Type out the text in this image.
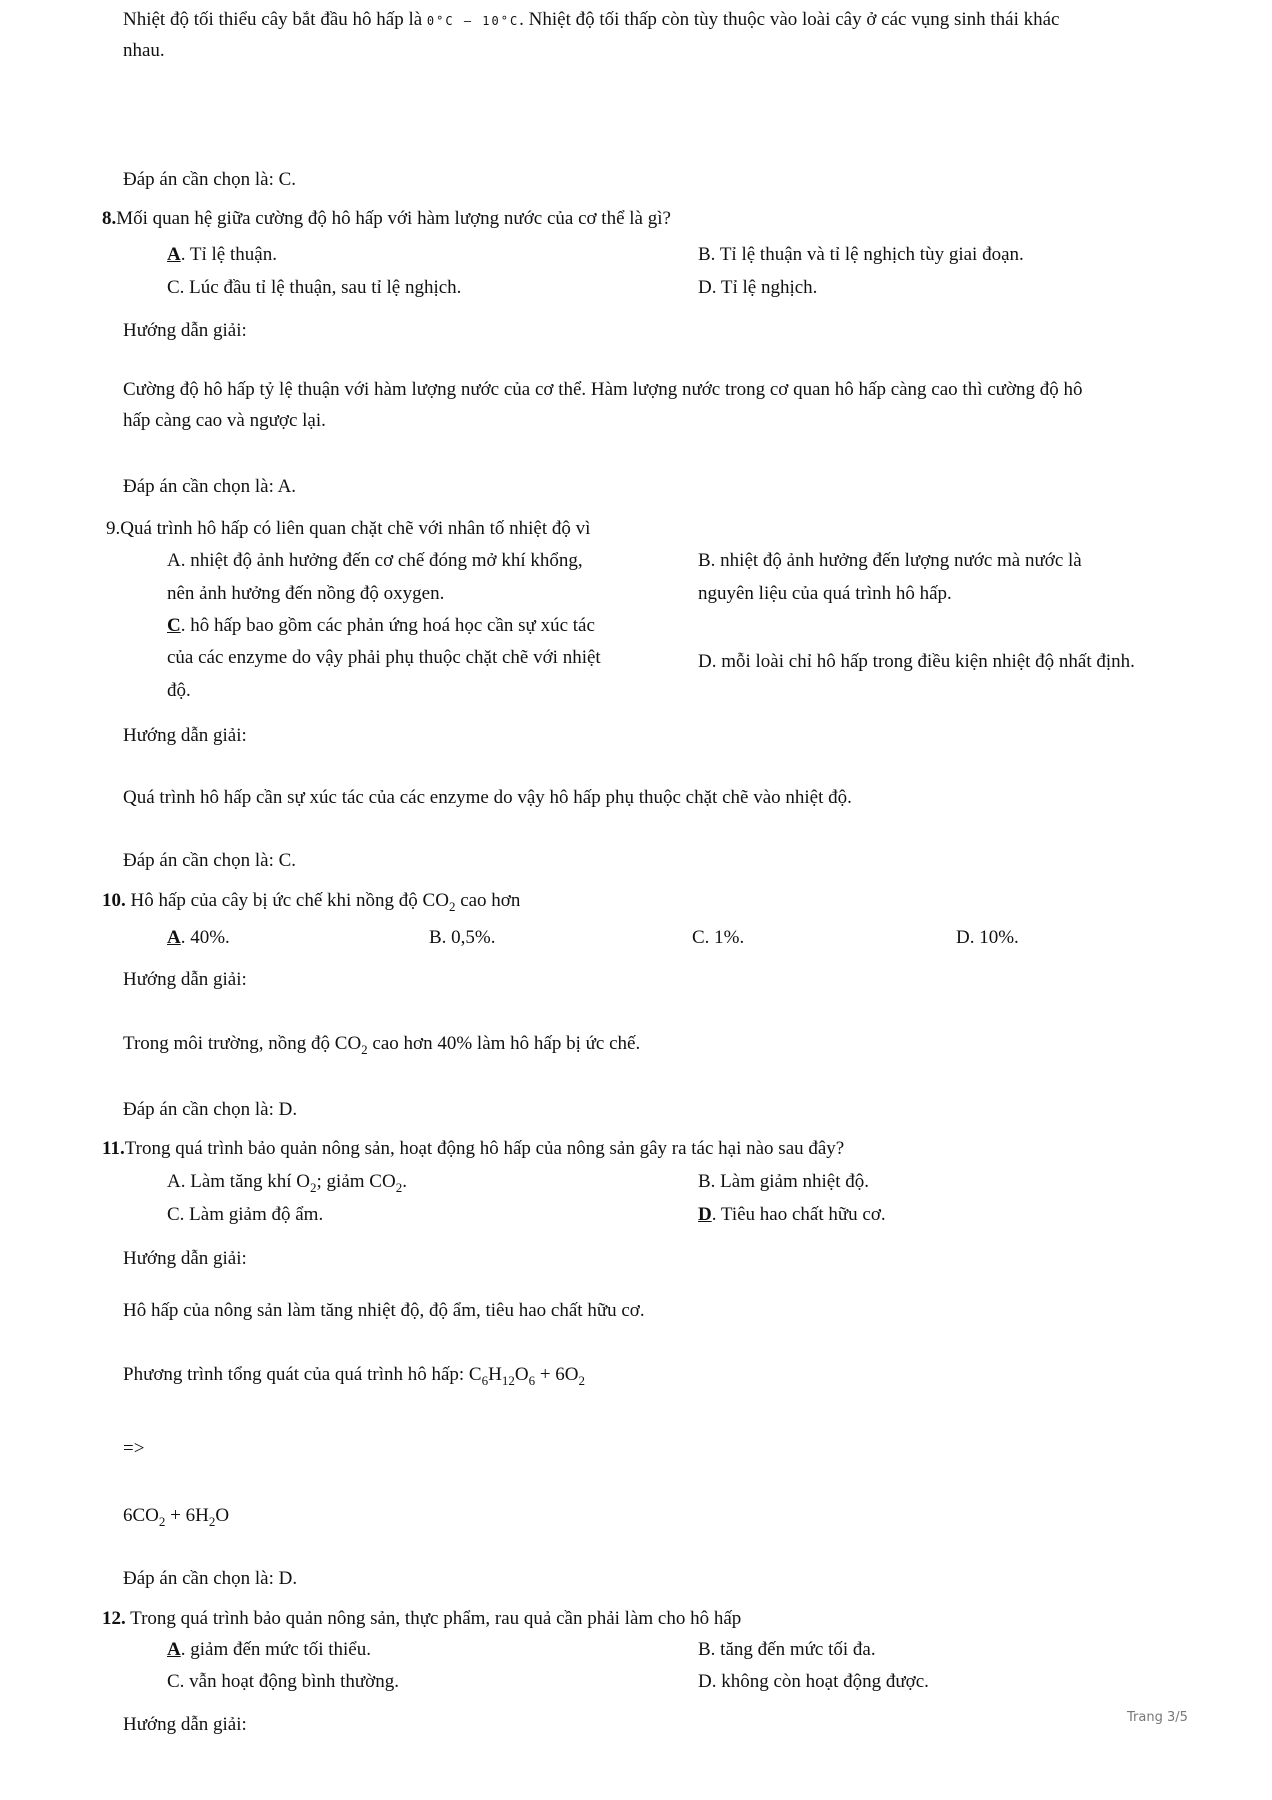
Nhiệt độ tối thiểu cây bắt đầu hô hấp là 0°C – 10°C. Nhiệt độ tối thấp còn tùy thuộc vào loài cây ở các vụng sinh thái khác
nhau.
Đáp án cần chọn là: C.
8.Mối quan hệ giữa cường độ hô hấp với hàm lượng nước của cơ thể là gì?
A. Tỉ lệ thuận.	B. Tỉ lệ thuận và tỉ lệ nghịch tùy giai đoạn.
C. Lúc đầu tỉ lệ thuận, sau tỉ lệ nghịch.	D. Tỉ lệ nghịch.
Hướng dẫn giải:
Cường độ hô hấp tỷ lệ thuận với hàm lượng nước của cơ thể. Hàm lượng nước trong cơ quan hô hấp càng cao thì cường độ hô
hấp càng cao và ngược lại.
Đáp án cần chọn là: A.
9.Quá trình hô hấp có liên quan chặt chẽ với nhân tố nhiệt độ vì
A. nhiệt độ ảnh hưởng đến cơ chế đóng mở khí khổng,
nên ảnh hưởng đến nồng độ oxygen.
B. nhiệt độ ảnh hưởng đến lượng nước mà nước là
nguyên liệu của quá trình hô hấp.
C. hô hấp bao gồm các phản ứng hoá học cần sự xúc tác
của các enzyme do vậy phải phụ thuộc chặt chẽ với nhiệt
độ.
D. mỗi loài chỉ hô hấp trong điều kiện nhiệt độ nhất định.
Hướng dẫn giải:
Quá trình hô hấp cần sự xúc tác của các enzyme do vậy hô hấp phụ thuộc chặt chẽ vào nhiệt độ.
Đáp án cần chọn là: C.
10. Hô hấp của cây bị ức chế khi nồng độ $CO_2$ cao hơn
A. 40%.	B. 0,5%.	C. 1%.	D. 10%.
Hướng dẫn giải:
Trong môi trường, nồng độ $CO_2$ cao hơn 40% làm hô hấp bị ức chế.
Đáp án cần chọn là: D.
11.Trong quá trình bảo quản nông sản, hoạt động hô hấp của nông sản gây ra tác hại nào sau đây?
A. Làm tăng khí $O_2$; giảm $CO_2$.	B. Làm giảm nhiệt độ.
C. Làm giảm độ ẩm.	D. Tiêu hao chất hữu cơ.
Hướng dẫn giải:
Hô hấp của nông sản làm tăng nhiệt độ, độ ẩm, tiêu hao chất hữu cơ.
Phương trình tổng quát của quá trình hô hấp: $C_6H_{12}O_6 + 6O_2$
=>
$6CO_2 + 6H_2O$
Đáp án cần chọn là: D.
12. Trong quá trình bảo quản nông sản, thực phẩm, rau quả cần phải làm cho hô hấp
A. giảm đến mức tối thiểu.	B. tăng đến mức tối đa.
C. vẫn hoạt động bình thường.	D. không còn hoạt động được.
Hướng dẫn giải:	Trang 3/5
